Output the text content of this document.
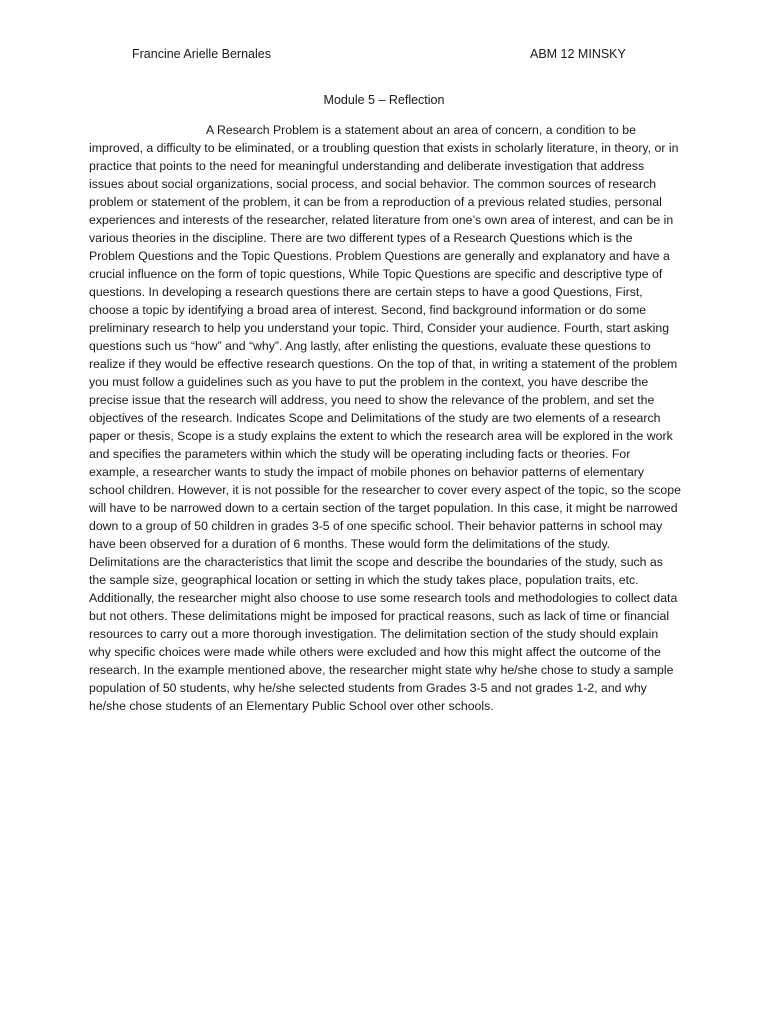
Francine Arielle Bernales	ABM 12 MINSKY
Module 5 – Reflection

A Research Problem is a statement about an area of concern, a condition to be improved, a difficulty to be eliminated, or a troubling question that exists in scholarly literature, in theory, or in practice that points to the need for meaningful understanding and deliberate investigation that address issues about social organizations, social process, and social behavior. The common sources of research problem or statement of the problem, it can be from a reproduction of a previous related studies, personal experiences and interests of the researcher, related literature from one’s own area of interest, and can be in various theories in the discipline. There are two different types of a Research Questions which is the Problem Questions and the Topic Questions. Problem Questions are generally and explanatory and have a crucial influence on the form of topic questions, While Topic Questions are specific and descriptive type of questions. In developing a research questions there are certain steps to have a good Questions, First, choose a topic by identifying a broad area of interest. Second, find background information or do some preliminary research to help you understand your topic. Third, Consider your audience. Fourth, start asking questions such us “how” and “why”. Ang lastly, after enlisting the questions, evaluate these questions to realize if they would be effective research questions. On the top of that, in writing a statement of the problem you must follow a guidelines such as you have to put the problem in the context, you have describe the precise issue that the research will address, you need to show the relevance of the problem, and set the objectives of the research. Indicates Scope and Delimitations of the study are two elements of a research paper or thesis, Scope is a study explains the extent to which the research area will be explored in the work and specifies the parameters within which the study will be operating including facts or theories. For example, a researcher wants to study the impact of mobile phones on behavior patterns of elementary school children. However, it is not possible for the researcher to cover every aspect of the topic, so the scope will have to be narrowed down to a certain section of the target population. In this case, it might be narrowed down to a group of 50 children in grades 3-5 of one specific school. Their behavior patterns in school may have been observed for a duration of 6 months. These would form the delimitations of the study. Delimitations are the characteristics that limit the scope and describe the boundaries of the study, such as the sample size, geographical location or setting in which the study takes place, population traits, etc. Additionally, the researcher might also choose to use some research tools and methodologies to collect data but not others. These delimitations might be imposed for practical reasons, such as lack of time or financial resources to carry out a more thorough investigation. The delimitation section of the study should explain why specific choices were made while others were excluded and how this might affect the outcome of the research. In the example mentioned above, the researcher might state why he/she chose to study a sample population of 50 students, why he/she selected students from Grades 3-5 and not grades 1-2, and why he/she chose students of an Elementary Public School over other schools.
